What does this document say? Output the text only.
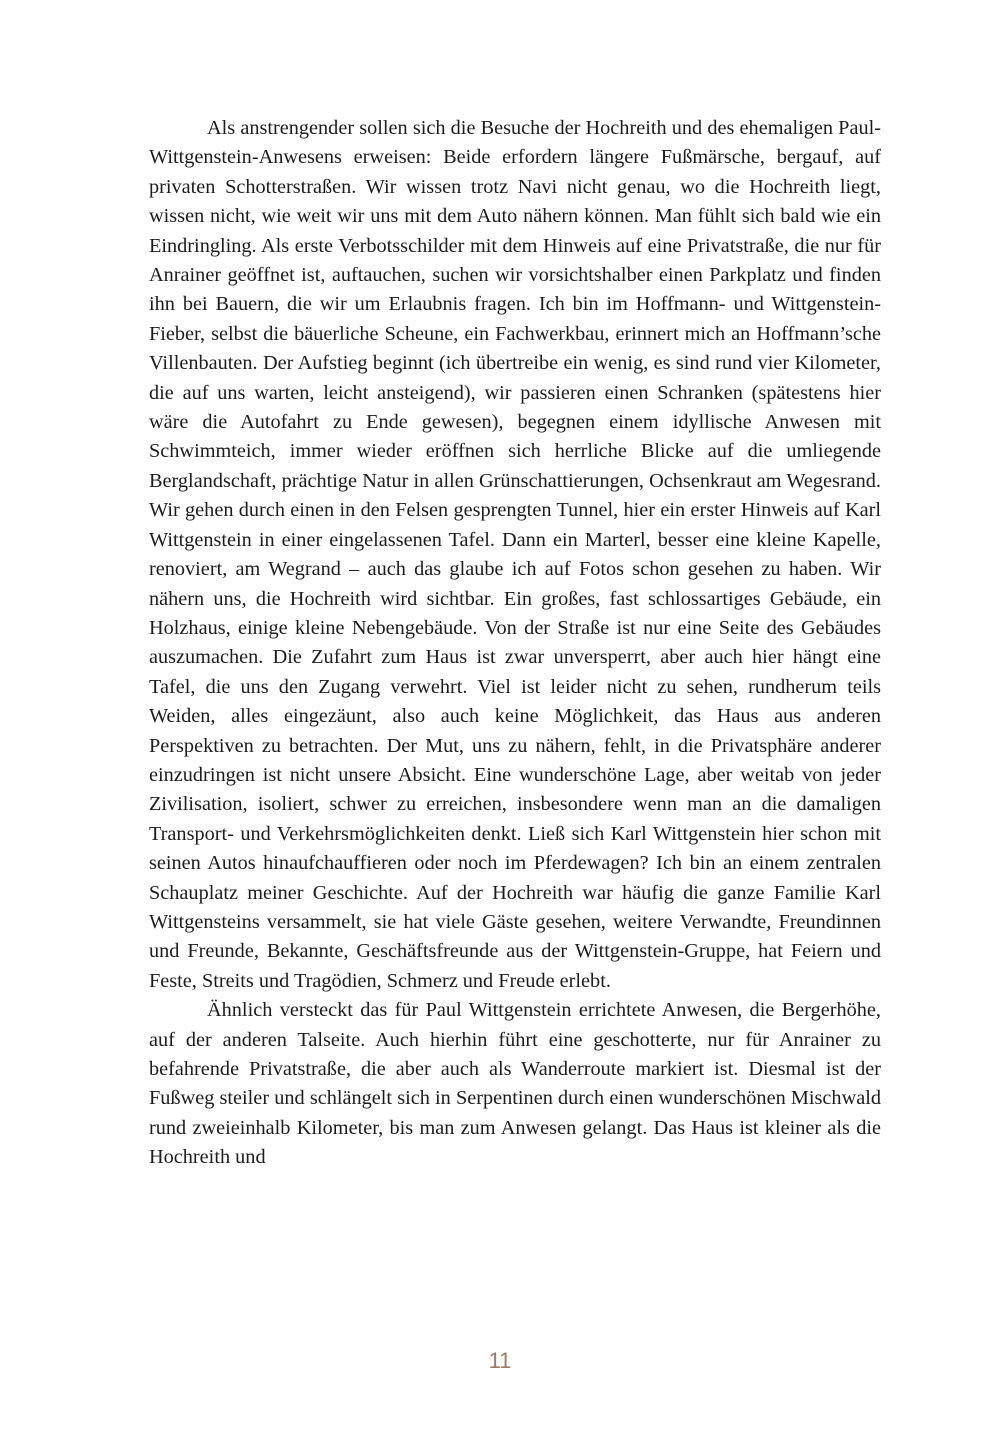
Als anstrengender sollen sich die Besuche der Hochreith und des ehemaligen Paul-Wittgenstein-Anwesens erweisen: Beide erfordern längere Fußmärsche, bergauf, auf privaten Schotterstraßen. Wir wissen trotz Navi nicht genau, wo die Hochreith liegt, wissen nicht, wie weit wir uns mit dem Auto nähern können. Man fühlt sich bald wie ein Eindringling. Als erste Verbotsschilder mit dem Hinweis auf eine Privatstraße, die nur für Anrainer geöffnet ist, auftauchen, suchen wir vorsichtshalber einen Parkplatz und finden ihn bei Bauern, die wir um Erlaubnis fragen. Ich bin im Hoffmann- und Wittgenstein-Fieber, selbst die bäuerliche Scheune, ein Fachwerkbau, erinnert mich an Hoffmann’sche Villenbauten. Der Aufstieg beginnt (ich übertreibe ein wenig, es sind rund vier Kilometer, die auf uns warten, leicht ansteigend), wir passieren einen Schranken (spätestens hier wäre die Autofahrt zu Ende gewesen), begegnen einem idyllische Anwesen mit Schwimmteich, immer wieder eröffnen sich herrliche Blicke auf die umliegende Berglandschaft, prächtige Natur in allen Grünschattierungen, Ochsenkraut am Wegesrand. Wir gehen durch einen in den Felsen gesprengten Tunnel, hier ein erster Hinweis auf Karl Wittgenstein in einer eingelassenen Tafel. Dann ein Marterl, besser eine kleine Kapelle, renoviert, am Wegrand – auch das glaube ich auf Fotos schon gesehen zu haben. Wir nähern uns, die Hochreith wird sichtbar. Ein großes, fast schlossartiges Gebäude, ein Holzhaus, einige kleine Nebengebäude. Von der Straße ist nur eine Seite des Gebäudes auszumachen. Die Zufahrt zum Haus ist zwar unversperrt, aber auch hier hängt eine Tafel, die uns den Zugang verwehrt. Viel ist leider nicht zu sehen, rundherum teils Weiden, alles eingezäunt, also auch keine Möglichkeit, das Haus aus anderen Perspektiven zu betrachten. Der Mut, uns zu nähern, fehlt, in die Privatsphäre anderer einzudringen ist nicht unsere Absicht. Eine wunderschöne Lage, aber weitab von jeder Zivilisation, isoliert, schwer zu erreichen, insbesondere wenn man an die damaligen Transport- und Verkehrsmöglichkeiten denkt. Ließ sich Karl Wittgenstein hier schon mit seinen Autos hinaufchauffieren oder noch im Pferdewagen? Ich bin an einem zentralen Schauplatz meiner Geschichte. Auf der Hochreith war häufig die ganze Familie Karl Wittgensteins versammelt, sie hat viele Gäste gesehen, weitere Verwandte, Freundinnen und Freunde, Bekannte, Geschäftsfreunde aus der Wittgenstein-Gruppe, hat Feiern und Feste, Streits und Tragödien, Schmerz und Freude erlebt.

Ähnlich versteckt das für Paul Wittgenstein errichtete Anwesen, die Bergerhöhe, auf der anderen Talseite. Auch hierhin führt eine geschotterte, nur für Anrainer zu befahrende Privatstraße, die aber auch als Wanderroute markiert ist. Diesmal ist der Fußweg steiler und schlängelt sich in Serpentinen durch einen wunderschönen Mischwald rund zweieinhalb Kilometer, bis man zum Anwesen gelangt. Das Haus ist kleiner als die Hochreith und

11
